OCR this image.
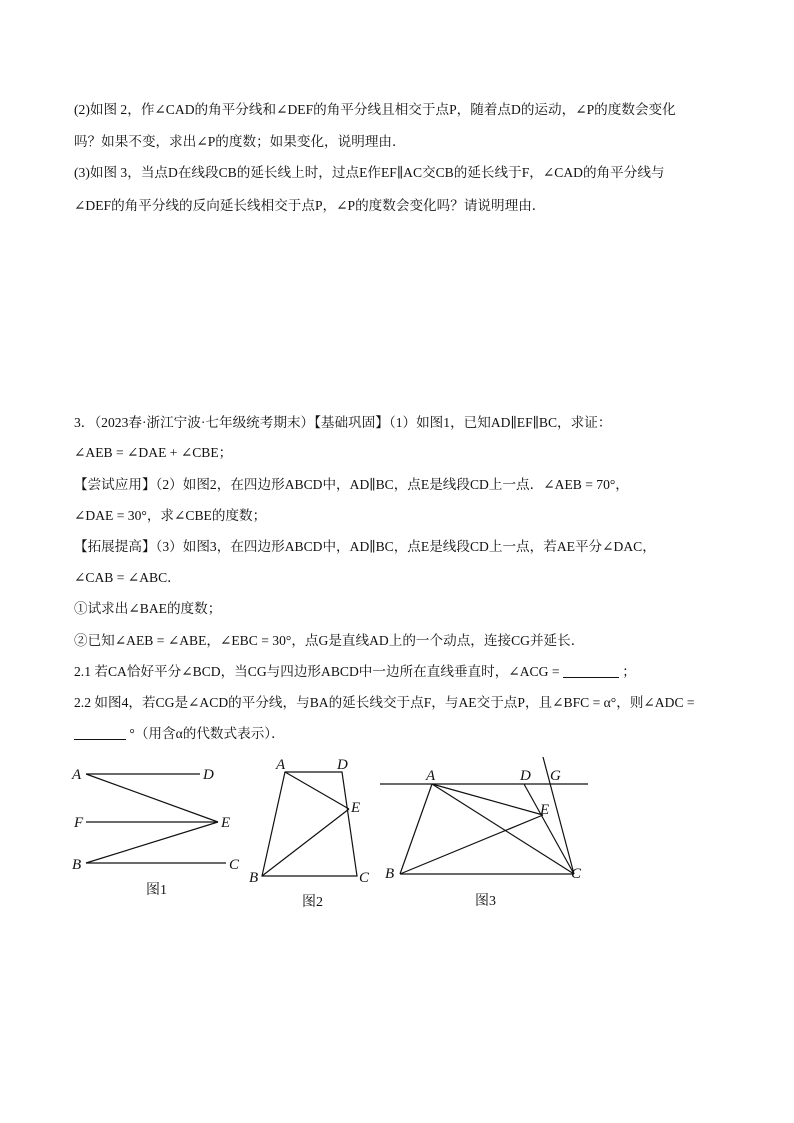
(2)如图 2，作∠CAD的角平分线和∠DEF的角平分线且相交于点P，随着点D的运动，∠P的度数会变化
吗？如果不变，求出∠P的度数；如果变化，说明理由．
(3)如图 3，当点D在线段CB的延长线上时，过点E作EF∥AC交CB的延长线于F，∠CAD的角平分线与
∠DEF的角平分线的反向延长线相交于点P，∠P的度数会变化吗？请说明理由．
3．（2023春·浙江宁波·七年级统考期末）【基础巩固】（1）如图1，已知AD∥EF∥BC，求证：
∠AEB = ∠DAE + ∠CBE；
【尝试应用】（2）如图2，在四边形ABCD中，AD∥BC，点E是线段CD上一点．∠AEB = 70°，
∠DAE = 30°，求∠CBE的度数；
【拓展提高】（3）如图3，在四边形ABCD中，AD∥BC，点E是线段CD上一点，若AE平分∠DAC，
∠CAB = ∠ABC．
①试求出∠BAE的度数；
②已知∠AEB = ∠ABE，∠EBC = 30°，点G是直线AD上的一个动点，连接CG并延长．
2.1 若CA恰好平分∠BCD，当CG与四边形ABCD中一边所在直线垂直时，∠ACG =	；
2.2 如图4，若CG是∠ACD的平分线，与BA的延长线交于点F，与AE交于点P，且∠BFC = α°，则∠ADC =
°（用含α的代数式表示）．
A	D
F	E
B	C
图1
A	D
E
B	C
图2
A	D G
E
B	C
图3
